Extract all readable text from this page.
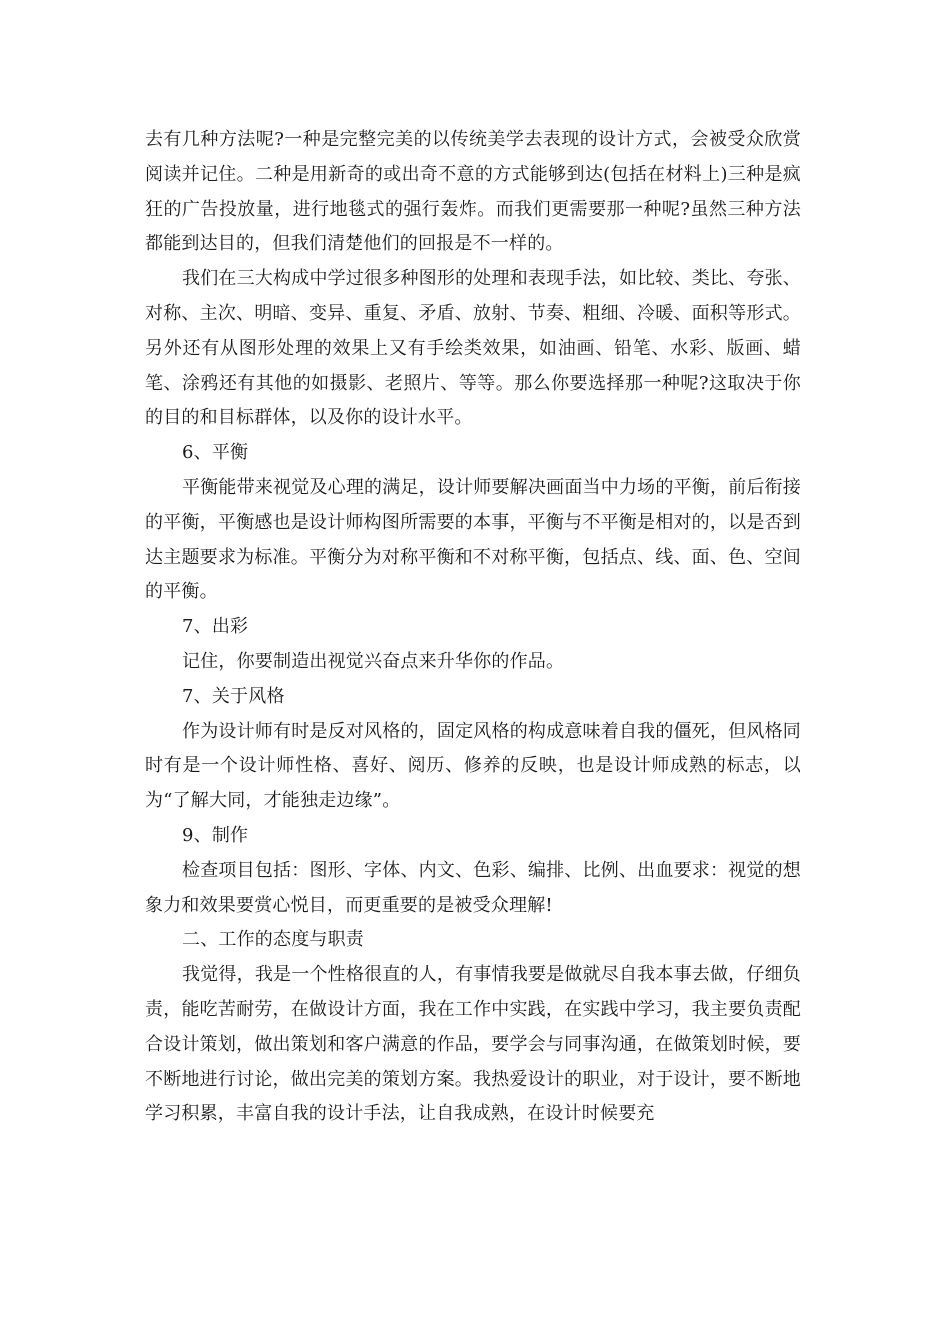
去有几种方法呢?一种是完整完美的以传统美学去表现的设计方式，会被受众欣赏阅读并记住。二种是用新奇的或出奇不意的方式能够到达(包括在材料上)三种是疯狂的广告投放量，进行地毯式的强行轰炸。而我们更需要那一种呢?虽然三种方法都能到达目的，但我们清楚他们的回报是不一样的。

我们在三大构成中学过很多种图形的处理和表现手法，如比较、类比、夸张、对称、主次、明暗、变异、重复、矛盾、放射、节奏、粗细、冷暖、面积等形式。另外还有从图形处理的效果上又有手绘类效果，如油画、铅笔、水彩、版画、蜡笔、涂鸦还有其他的如摄影、老照片、等等。那么你要选择那一种呢?这取决于你的目的和目标群体，以及你的设计水平。

6、平衡

平衡能带来视觉及心理的满足，设计师要解决画面当中力场的平衡，前后衔接的平衡，平衡感也是设计师构图所需要的本事，平衡与不平衡是相对的，以是否到达主题要求为标准。平衡分为对称平衡和不对称平衡，包括点、线、面、色、空间的平衡。

7、出彩

记住，你要制造出视觉兴奋点来升华你的作品。

7、关于风格

作为设计师有时是反对风格的，固定风格的构成意味着自我的僵死，但风格同时有是一个设计师性格、喜好、阅历、修养的反映，也是设计师成熟的标志，以为“了解大同，才能独走边缘”。

9、制作

检查项目包括：图形、字体、内文、色彩、编排、比例、出血要求：视觉的想象力和效果要赏心悦目，而更重要的是被受众理解!

二、工作的态度与职责

我觉得，我是一个性格很直的人，有事情我要是做就尽自我本事去做，仔细负责，能吃苦耐劳，在做设计方面，我在工作中实践，在实践中学习，我主要负责配合设计策划，做出策划和客户满意的作品，要学会与同事沟通，在做策划时候，要不断地进行讨论，做出完美的策划方案。我热爱设计的职业，对于设计，要不断地学习积累，丰富自我的设计手法，让自我成熟，在设计时候要充
